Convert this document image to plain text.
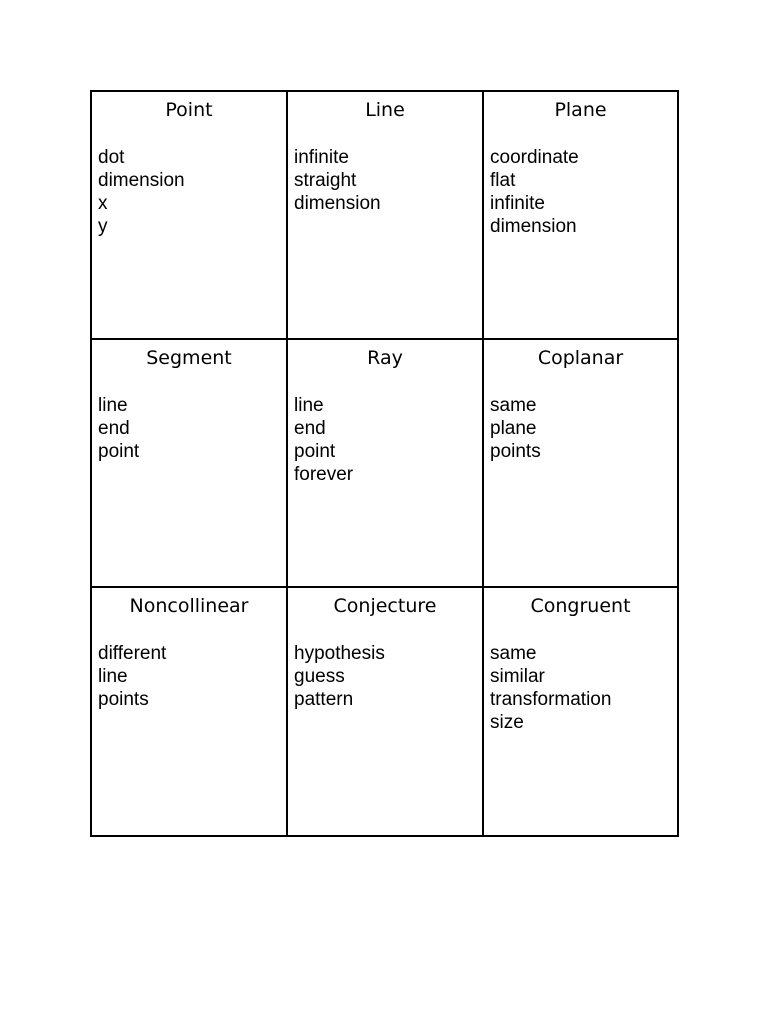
Point
dot
dimension
x
y
Line
infinite
straight
dimension
Plane
coordinate
flat
infinite
dimension
Segment
line
end
point
Ray
line
end
point
forever
Coplanar
same
plane
points
Noncollinear
different
line
points
Conjecture
hypothesis
guess
pattern
Congruent
same
similar
transformation
size
